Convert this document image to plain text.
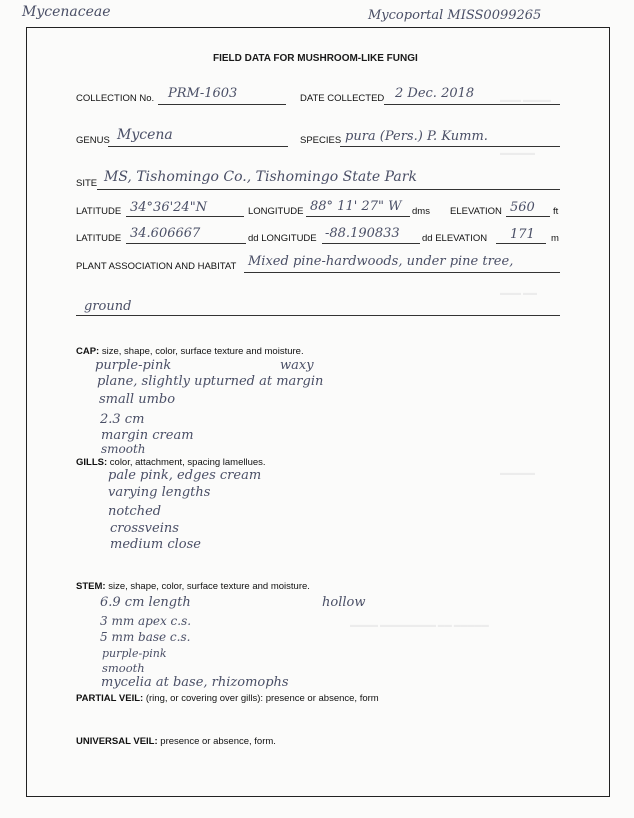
Mycenaceae	Mycoportal MISS0099265
▬▬▬ ▬▬▬▬
▬▬▬▬▬
▬▬▬ ▬▬
▬▬▬▬▬
▬▬▬▬ ▬▬▬▬▬▬▬▬ ▬▬ ▬▬▬▬▬
FIELD DATA FOR MUSHROOM-LIKE FUNGI
COLLECTION No. PRM-1603	DATE COLLECTED 2 Dec. 2018
GENUS Mycena	SPECIES pura (Pers.) P. Kumm.
SITE MS, Tishomingo Co., Tishomingo State Park
LATITUDE 34°36'24"N	LONGITUDE 88° 11' 27" W dms ELEVATION 560 ft
LATITUDE 34.606667	dd LONGITUDE -88.190833 dd ELEVATION 171 m
PLANT ASSOCIATION AND HABITAT Mixed pine-hardwoods, under pine tree,
ground
CAP: size, shape, color, surface texture and moisture.
purple-pink	waxy
plane, slightly upturned at margin
small umbo
2.3 cm
margin cream
smooth
GILLS: color, attachment, spacing lamellues.
pale pink, edges cream
varying lengths
notched
crossveins
medium close
STEM: size, shape, color, surface texture and moisture.
6.9 cm length	hollow
3 mm apex c.s.
5 mm base c.s.
purple-pink
smooth
mycelia at base, rhizomophs
PARTIAL VEIL: (ring, or covering over gills): presence or absence, form
UNIVERSAL VEIL: presence or absence, form.
